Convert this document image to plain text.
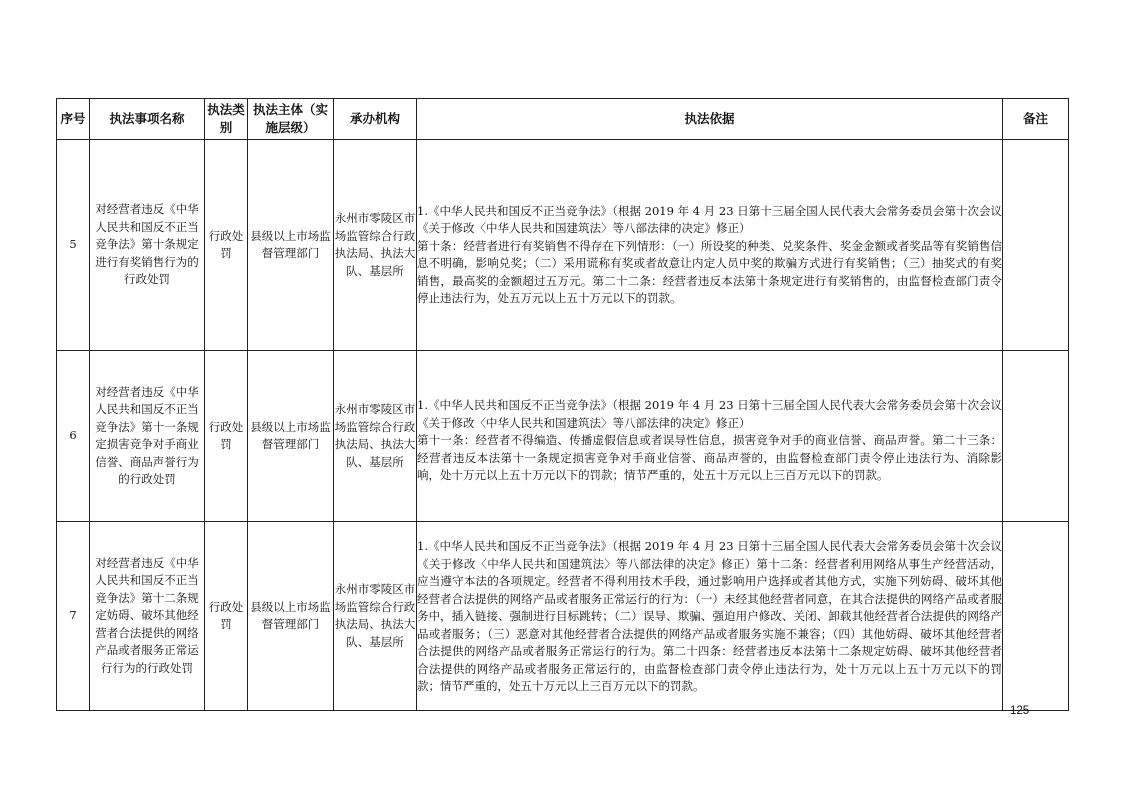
序号	执法事项名称	执法类别	执法主体（实施层级）	承办机构	执法依据	备注
5	对经营者违反《中华人民共和国反不正当竞争法》第十条规定进行有奖销售行为的行政处罚	行政处罚	县级以上市场监督管理部门	永州市零陵区市场监管综合行政执法局、执法大队、基层所	1.《中华人民共和国反不正当竞争法》（根据 2019 年 4 月 23 日第十三届全国人民代表大会常务委员会第十次会议《关于修改〈中华人民共和国建筑法〉等八部法律的决定》修正）

第十条：经营者进行有奖销售不得存在下列情形：（一）所设奖的种类、兑奖条件、奖金金额或者奖品等有奖销售信息不明确，影响兑奖；（二）采用谎称有奖或者故意让内定人员中奖的欺骗方式进行有奖销售；（三）抽奖式的有奖销售，最高奖的金额超过五万元。第二十二条：经营者违反本法第十条规定进行有奖销售的，由监督检查部门责令停止违法行为，处五万元以上五十万元以下的罚款。	

6	对经营者违反《中华人民共和国反不正当竞争法》第十一条规定损害竞争对手商业信誉、商品声誉行为的行政处罚	行政处罚	县级以上市场监督管理部门	永州市零陵区市场监管综合行政执法局、执法大队、基层所	1.《中华人民共和国反不正当竞争法》（根据 2019 年 4 月 23 日第十三届全国人民代表大会常务委员会第十次会议《关于修改〈中华人民共和国建筑法〉等八部法律的决定》修正）

第十一条：经营者不得编造、传播虚假信息或者误导性信息，损害竞争对手的商业信誉、商品声誉。第二十三条：经营者违反本法第十一条规定损害竞争对手商业信誉、商品声誉的，由监督检查部门责令停止违法行为、消除影响，处十万元以上五十万元以下的罚款；情节严重的，处五十万元以上三百万元以下的罚款。	

7	对经营者违反《中华人民共和国反不正当竞争法》第十二条规定妨碍、破坏其他经营者合法提供的网络产品或者服务正常运行行为的行政处罚	行政处罚	县级以上市场监督管理部门	永州市零陵区市场监管综合行政执法局、执法大队、基层所	1.《中华人民共和国反不正当竞争法》（根据 2019 年 4 月 23 日第十三届全国人民代表大会常务委员会第十次会议《关于修改〈中华人民共和国建筑法〉等八部法律的决定》修正）第十二条：经营者利用网络从事生产经营活动，应当遵守本法的各项规定。经营者不得利用技术手段，通过影响用户选择或者其他方式，实施下列妨碍、破坏其他经营者合法提供的网络产品或者服务正常运行的行为：（一）未经其他经营者同意，在其合法提供的网络产品或者服务中，插入链接、强制进行目标跳转；（二）误导、欺骗、强迫用户修改、关闭、卸载其他经营者合法提供的网络产品或者服务；（三）恶意对其他经营者合法提供的网络产品或者服务实施不兼容；（四）其他妨碍、破坏其他经营者合法提供的网络产品或者服务正常运行的行为。第二十四条：经营者违反本法第十二条规定妨碍、破坏其他经营者合法提供的网络产品或者服务正常运行的，由监督检查部门责令停止违法行为，处十万元以上五十万元以下的罚款；情节严重的，处五十万元以上三百万元以下的罚款。	

125
